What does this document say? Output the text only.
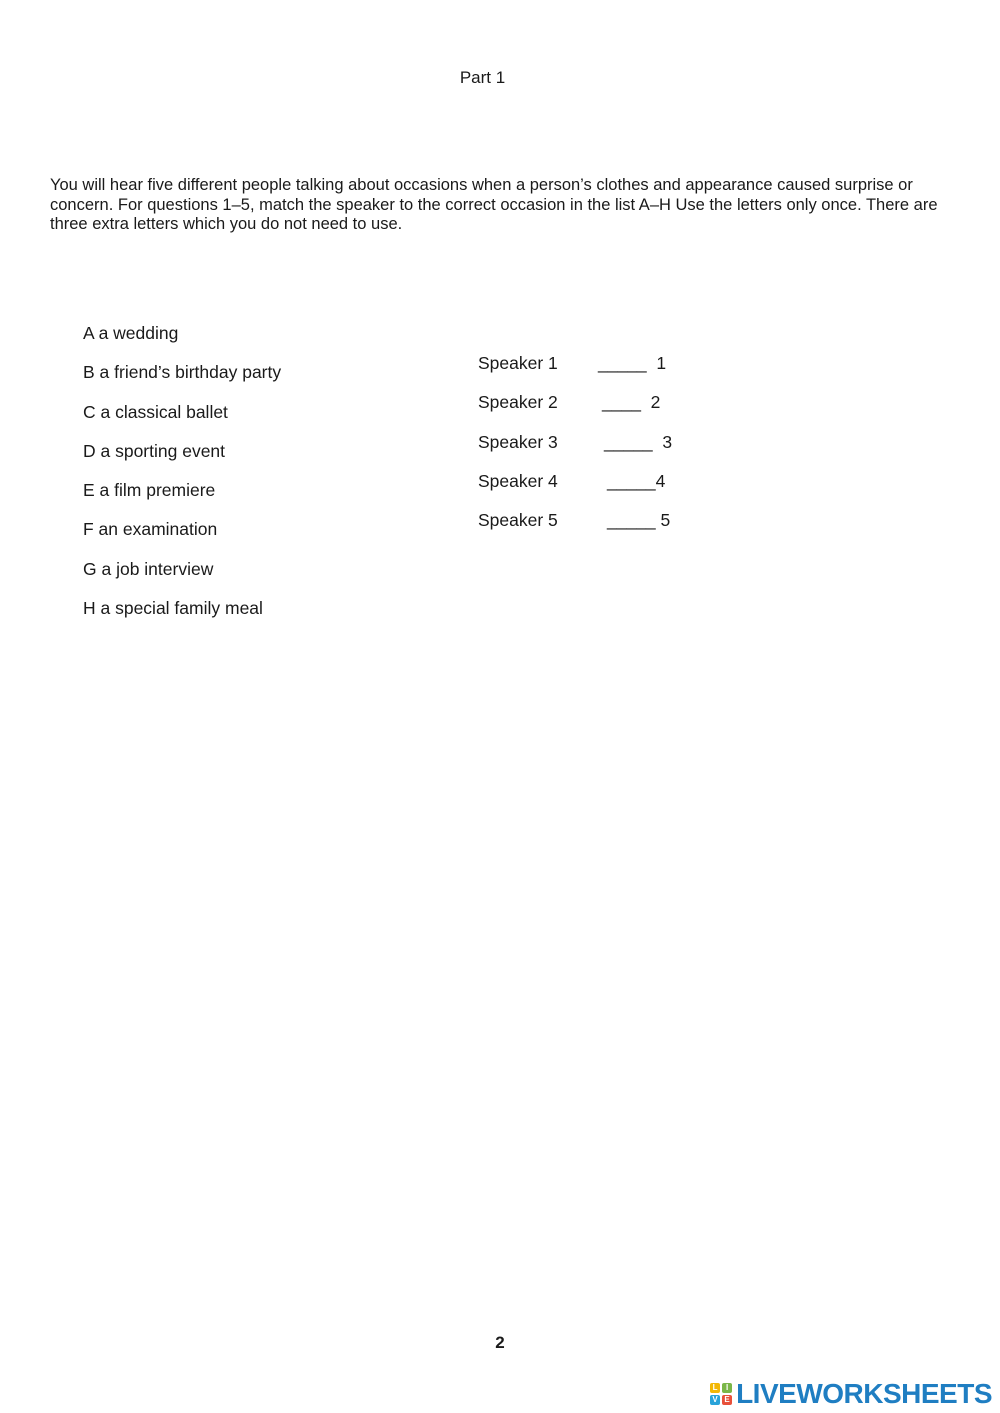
Part 1

You will hear five different people talking about occasions when a person’s clothes and appearance caused surprise or concern. For questions 1–5, match the speaker to the correct occasion in the list A–H Use the letters only once. There are three extra letters which you do not need to use.

A a wedding
B a friend’s birthday party
C a classical ballet
D a sporting event
E a film premiere
F an examination
G a job interview
H a special family meal
Speaker 1 _____  1
Speaker 2	____  2
Speaker 3	_____  3
Speaker 4	_____4
Speaker 5	_____ 5
2
L	I
V E LIVEWORKSHEETS
